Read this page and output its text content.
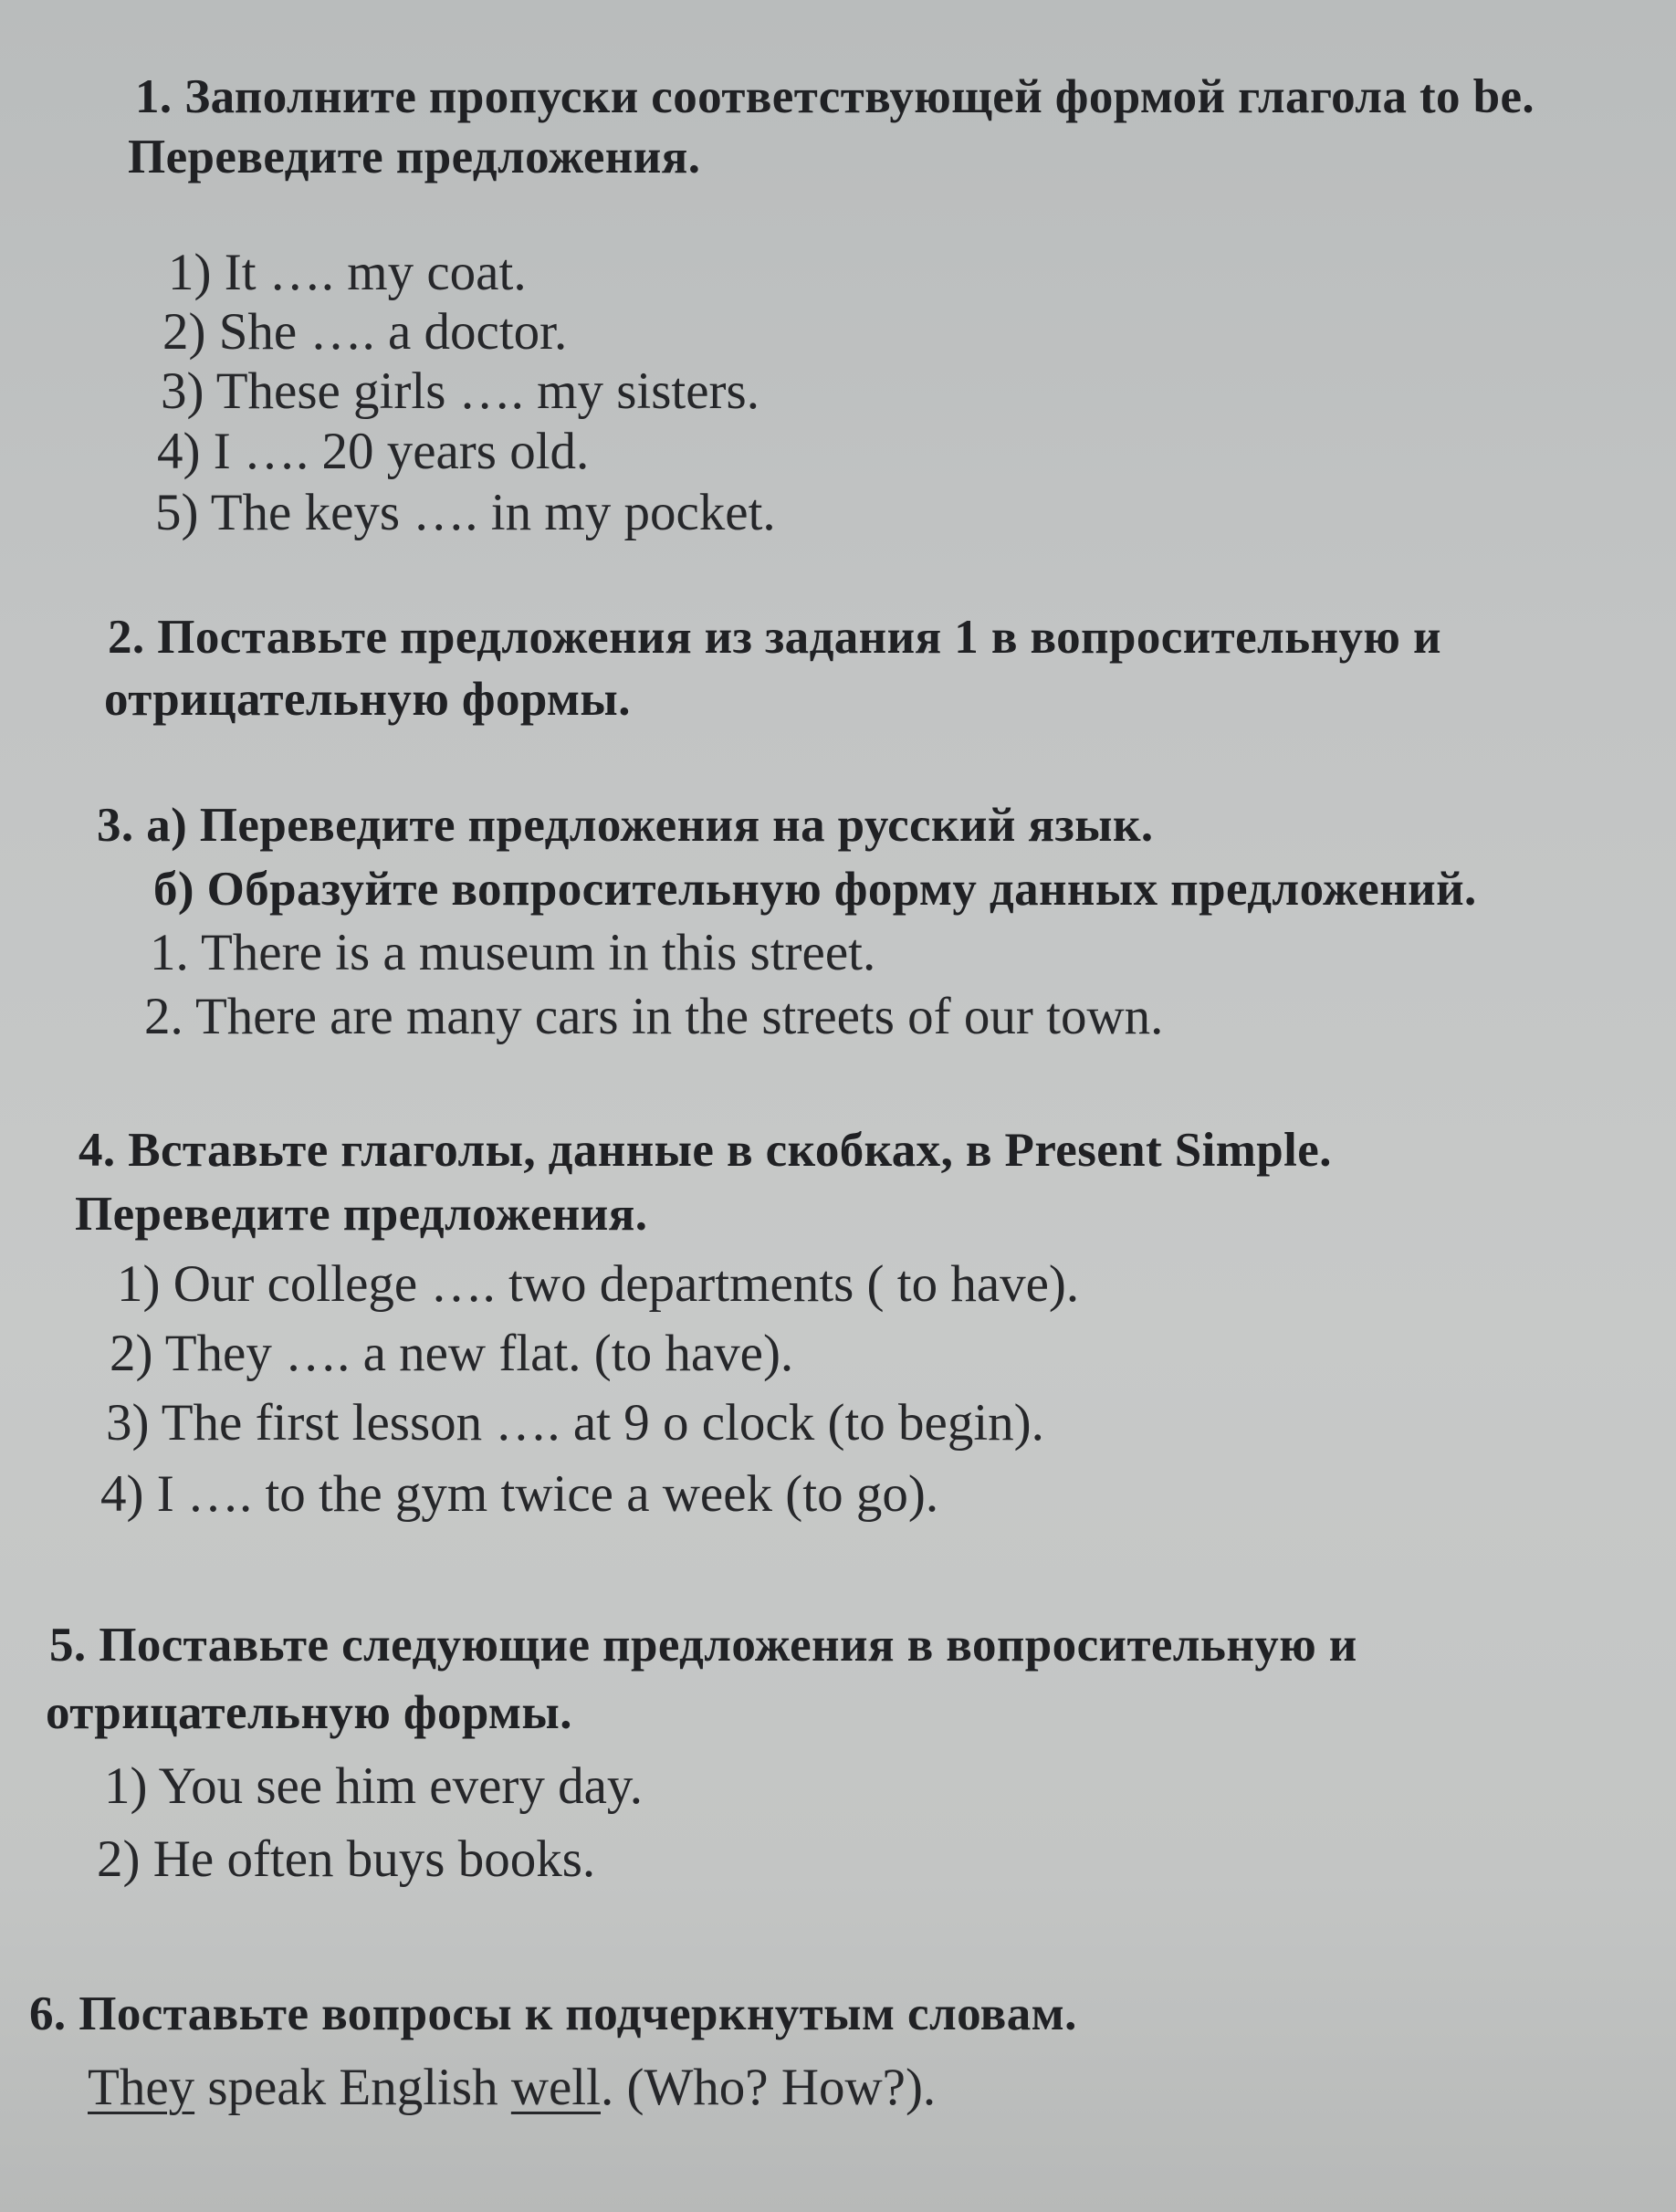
1. Заполните пропуски соответствующей формой глагола to be.
Переведите предложения.
1) It …. my coat.
2) She …. a doctor.
3) These girls …. my sisters.
4) I …. 20 years old.
5) The keys …. in my pocket.
2. Поставьте предложения из задания 1 в вопросительную и
отрицательную формы.
3. а) Переведите предложения на русский язык.
б) Образуйте вопросительную форму данных предложений.
1. There is a museum in this street.
2. There are many cars in the streets of our town.
4. Вставьте глаголы, данные в скобках, в Present Simple.
Переведите предложения.
1) Our college …. two departments ( to have).
2) They …. a new flat. (to have).
3) The first lesson …. at 9 o clock (to begin).
4) I …. to the gym twice a week (to go).
5. Поставьте следующие предложения в вопросительную и
отрицательную формы.
1) You see him every day.
2) He often buys books.
6. Поставьте вопросы к подчеркнутым словам.
They speak English well. (Who? How?).
